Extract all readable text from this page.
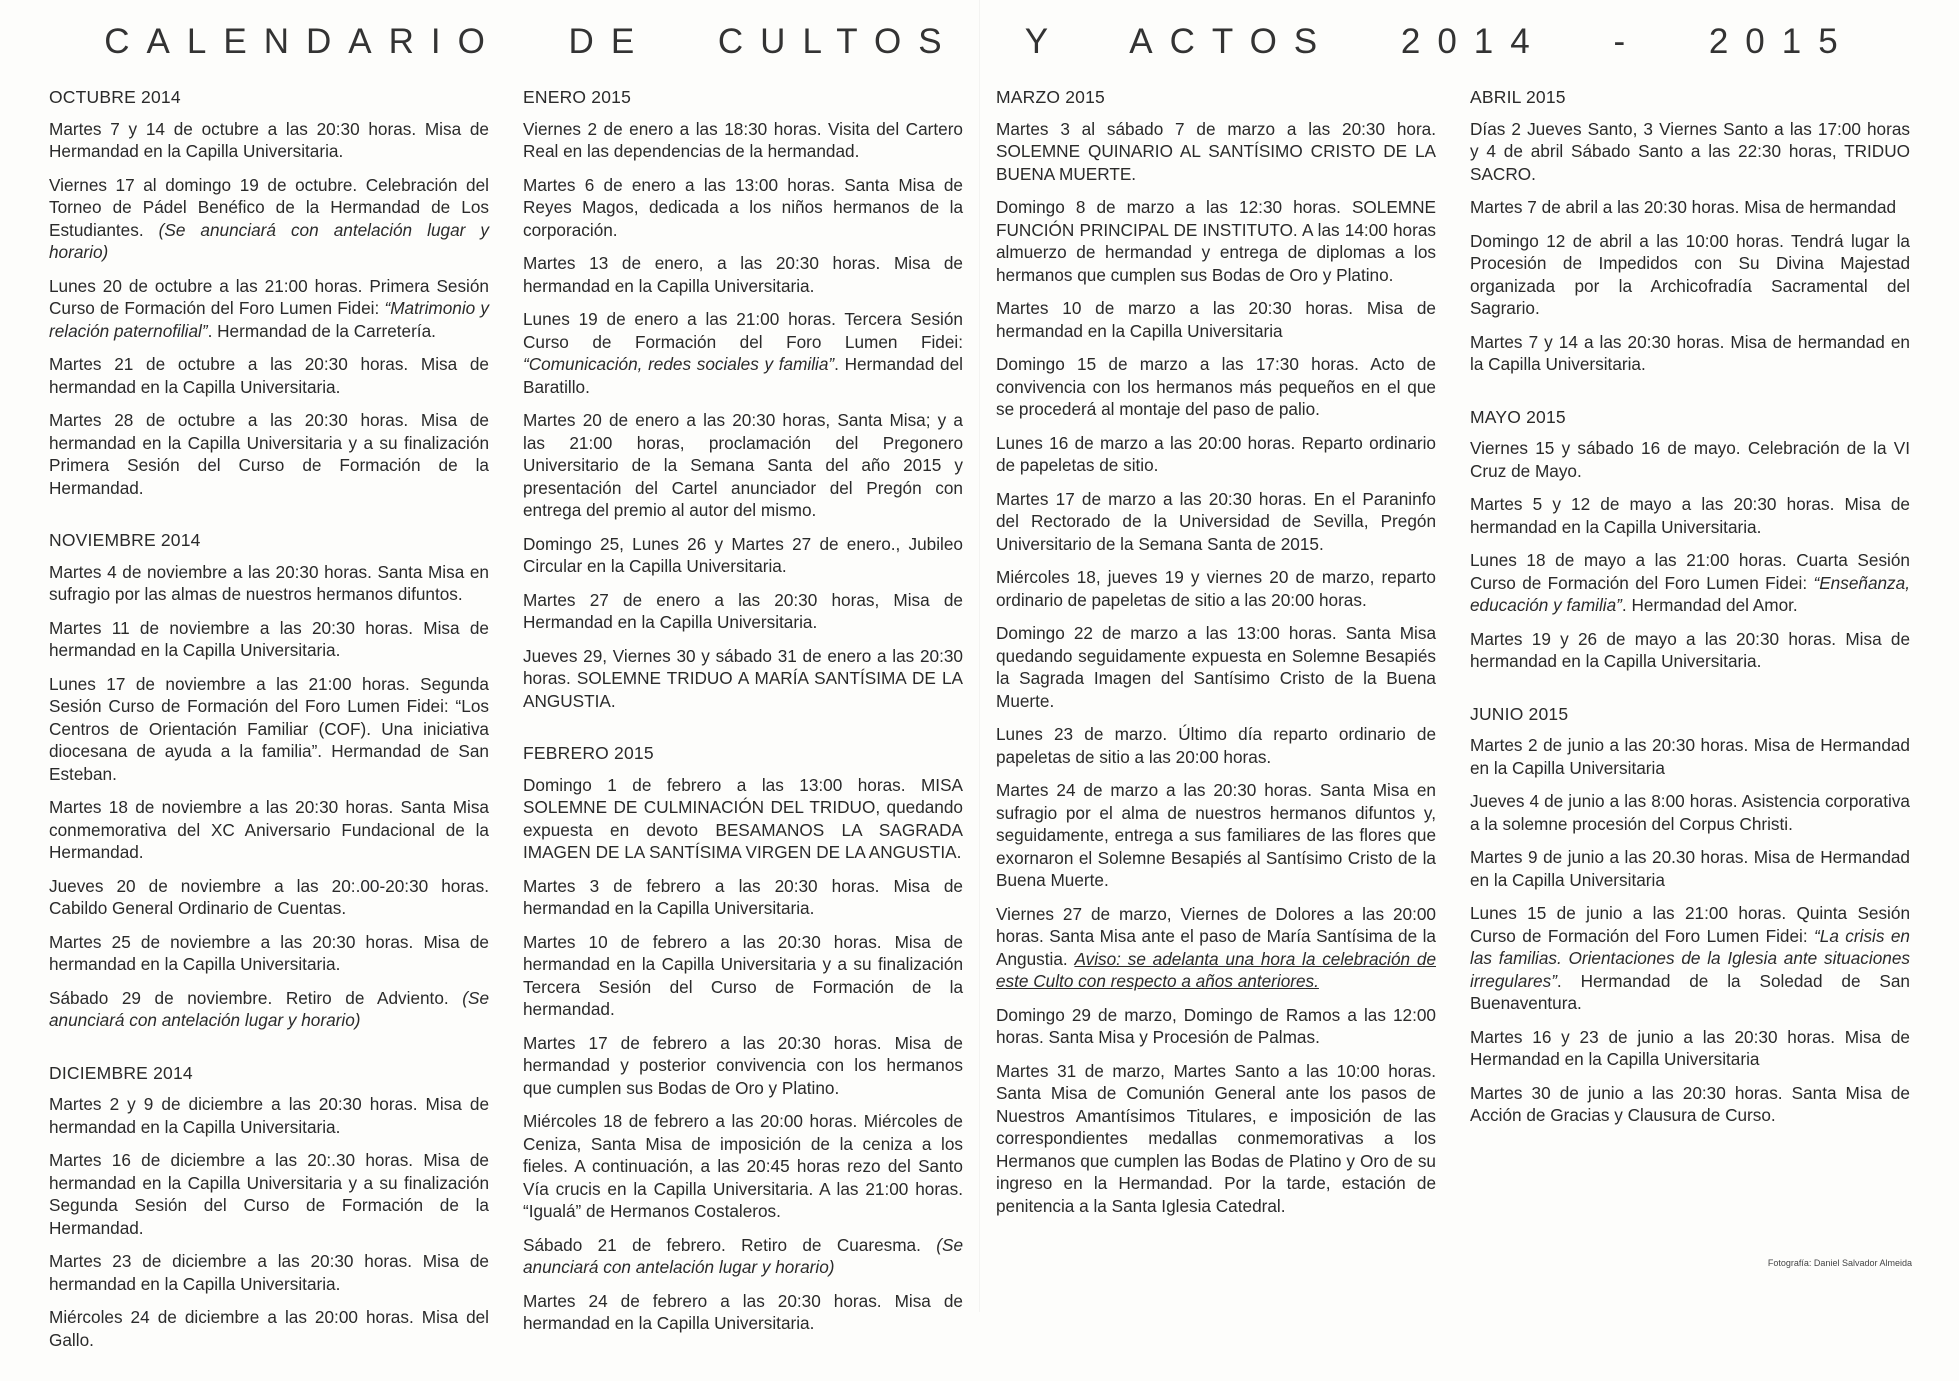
CALENDARIO DE CULTOS Y ACTOS 2014 - 2015
OCTUBRE 2014

Martes 7 y 14 de octubre a las 20:30 horas. Misa de Hermandad en la Capilla Universitaria.

Viernes 17 al domingo 19 de octubre. Celebración del Torneo de Pádel Benéfico de la Hermandad de Los Estudiantes. (Se anunciará con antelación lugar y horario)

Lunes 20 de octubre a las 21:00 horas. Primera Sesión Curso de Formación del Foro Lumen Fidei: “Matrimonio y relación paternofilial”. Hermandad de la Carretería.

Martes 21 de octubre a las 20:30 horas. Misa de hermandad en la Capilla Universitaria.

Martes 28 de octubre a las 20:30 horas. Misa de hermandad en la Capilla Universitaria y a su finalización Primera Sesión del Curso de Formación de la Hermandad.

NOVIEMBRE 2014

Martes 4 de noviembre a las 20:30 horas. Santa Misa en sufragio por las almas de nuestros hermanos difuntos.

Martes 11 de noviembre a las 20:30 horas. Misa de hermandad en la Capilla Universitaria.

Lunes 17 de noviembre a las 21:00 horas. Segunda Sesión Curso de Formación del Foro Lumen Fidei: “Los Centros de Orientación Familiar (COF). Una iniciativa diocesana de ayuda a la familia”. Hermandad de San Esteban.

Martes 18 de noviembre a las 20:30 horas. Santa Misa conmemorativa del XC Aniversario Fundacional de la Hermandad.

Jueves 20 de noviembre a las 20:.00-20:30 horas. Cabildo General Ordinario de Cuentas.

Martes 25 de noviembre a las 20:30 horas. Misa de hermandad en la Capilla Universitaria.

Sábado 29 de noviembre. Retiro de Adviento. (Se anunciará con antelación lugar y horario)

DICIEMBRE 2014

Martes 2 y 9 de diciembre a las 20:30 horas. Misa de hermandad en la Capilla Universitaria.

Martes 16 de diciembre a las 20:.30 horas. Misa de hermandad en la Capilla Universitaria y a su finalización Segunda Sesión del Curso de Formación de la Hermandad.

Martes 23 de diciembre a las 20:30 horas. Misa de hermandad en la Capilla Universitaria.

Miércoles 24 de diciembre a las 20:00 horas. Misa del Gallo.

ENERO 2015

Viernes 2 de enero a las 18:30 horas. Visita del Cartero Real en las dependencias de la hermandad.

Martes 6 de enero a las 13:00 horas. Santa Misa de Reyes Magos, dedicada a los niños hermanos de la corporación.

Martes 13 de enero, a las 20:30 horas. Misa de hermandad en la Capilla Universitaria.

Lunes 19 de enero a las 21:00 horas. Tercera Sesión Curso de Formación del Foro Lumen Fidei: “Comunicación, redes sociales y familia”. Hermandad del Baratillo.

Martes 20 de enero a las 20:30 horas, Santa Misa; y a las 21:00 horas, proclamación del Pregonero Universitario de la Semana Santa del año 2015 y presentación del Cartel anunciador del Pregón con entrega del premio al autor del mismo.

Domingo 25, Lunes 26 y Martes 27 de enero., Jubileo Circular en la Capilla Universitaria.

Martes 27 de enero a las 20:30 horas, Misa de Hermandad en la Capilla Universitaria.

Jueves 29, Viernes 30 y sábado 31 de enero a las 20:30 horas. SOLEMNE TRIDUO A MARÍA SANTÍSIMA DE LA ANGUSTIA.

FEBRERO 2015

Domingo 1 de febrero a las 13:00 horas. MISA SOLEMNE DE CULMINACIÓN DEL TRIDUO, quedando expuesta en devoto BESAMANOS LA SAGRADA IMAGEN DE LA SANTÍSIMA VIRGEN DE LA ANGUSTIA.

Martes 3 de febrero a las 20:30 horas. Misa de hermandad en la Capilla Universitaria.

Martes 10 de febrero a las 20:30 horas. Misa de hermandad en la Capilla Universitaria y a su finalización Tercera Sesión del Curso de Formación de la hermandad.

Martes 17 de febrero a las 20:30 horas. Misa de hermandad y posterior convivencia con los hermanos que cumplen sus Bodas de Oro y Platino.

Miércoles 18 de febrero a las 20:00 horas. Miércoles de Ceniza, Santa Misa de imposición de la ceniza a los fieles. A continuación, a las 20:45 horas rezo del Santo Vía crucis en la Capilla Universitaria. A las 21:00 horas. “Igualá” de Hermanos Costaleros.

Sábado 21 de febrero. Retiro de Cuaresma. (Se anunciará con antelación lugar y horario)

Martes 24 de febrero a las 20:30 horas. Misa de hermandad en la Capilla Universitaria.

MARZO 2015

Martes 3 al sábado 7 de marzo a las 20:30 hora. SOLEMNE QUINARIO AL SANTÍSIMO CRISTO DE LA BUENA MUERTE.

Domingo 8 de marzo a las 12:30 horas. SOLEMNE FUNCIÓN PRINCIPAL DE INSTITUTO. A las 14:00 horas almuerzo de hermandad y entrega de diplomas a los hermanos que cumplen sus Bodas de Oro y Platino.

Martes 10 de marzo a las 20:30 horas. Misa de hermandad en la Capilla Universitaria

Domingo 15 de marzo a las 17:30 horas. Acto de convivencia con los hermanos más pequeños en el que se procederá al montaje del paso de palio.

Lunes 16 de marzo a las 20:00 horas. Reparto ordinario de papeletas de sitio.

Martes 17 de marzo a las 20:30 horas. En el Paraninfo del Rectorado de la Universidad de Sevilla, Pregón Universitario de la Semana Santa de 2015.

Miércoles 18, jueves 19 y viernes 20 de marzo, reparto ordinario de papeletas de sitio a las 20:00 horas.

Domingo 22 de marzo a las 13:00 horas. Santa Misa quedando seguidamente expuesta en Solemne Besapiés la Sagrada Imagen del Santísimo Cristo de la Buena Muerte.

Lunes 23 de marzo. Último día reparto ordinario de papeletas de sitio a las 20:00 horas.

Martes 24 de marzo a las 20:30 horas. Santa Misa en sufragio por el alma de nuestros hermanos difuntos y, seguidamente, entrega a sus familiares de las flores que exornaron el Solemne Besapiés al Santísimo Cristo de la Buena Muerte.

Viernes 27 de marzo, Viernes de Dolores a las 20:00 horas. Santa Misa ante el paso de María Santísima de la Angustia. Aviso: se adelanta una hora la celebración de este Culto con respecto a años anteriores.

Domingo 29 de marzo, Domingo de Ramos a las 12:00 horas. Santa Misa y Procesión de Palmas.

Martes 31 de marzo, Martes Santo a las 10:00 horas. Santa Misa de Comunión General ante los pasos de Nuestros Amantísimos Titulares, e imposición de las correspondientes medallas conmemorativas a los Hermanos que cumplen las Bodas de Platino y Oro de su ingreso en la Hermandad. Por la tarde, estación de penitencia a la Santa Iglesia Catedral.

ABRIL 2015

Días 2 Jueves Santo, 3 Viernes Santo a las 17:00 horas y 4 de abril Sábado Santo a las 22:30 horas, TRIDUO SACRO.

Martes 7 de abril a las 20:30 horas. Misa de hermandad

Domingo 12 de abril a las 10:00 horas. Tendrá lugar la Procesión de Impedidos con Su Divina Majestad organizada por la Archicofradía Sacramental del Sagrario.

Martes 7 y 14 a las 20:30 horas. Misa de hermandad en la Capilla Universitaria.

MAYO 2015

Viernes 15 y sábado 16 de mayo. Celebración de la VI Cruz de Mayo.

Martes 5 y 12 de mayo a las 20:30 horas. Misa de hermandad en la Capilla Universitaria.

Lunes 18 de mayo a las 21:00 horas. Cuarta Sesión Curso de Formación del Foro Lumen Fidei: “Enseñanza, educación y familia”. Hermandad del Amor.

Martes 19 y 26 de mayo a las 20:30 horas. Misa de hermandad en la Capilla Universitaria.

JUNIO 2015

Martes 2 de junio a las 20:30 horas. Misa de Hermandad en la Capilla Universitaria

Jueves 4 de junio a las 8:00 horas. Asistencia corporativa a la solemne procesión del Corpus Christi.

Martes 9 de junio a las 20.30 horas. Misa de Hermandad en la Capilla Universitaria

Lunes 15 de junio a las 21:00 horas. Quinta Sesión Curso de Formación del Foro Lumen Fidei: “La crisis en las familias. Orientaciones de la Iglesia ante situaciones irregulares”. Hermandad de la Soledad de San Buenaventura.

Martes 16 y 23 de junio a las 20:30 horas. Misa de Hermandad en la Capilla Universitaria

Martes 30 de junio a las 20:30 horas. Santa Misa de Acción de Gracias y Clausura de Curso.

Fotografía: Daniel Salvador Almeida
